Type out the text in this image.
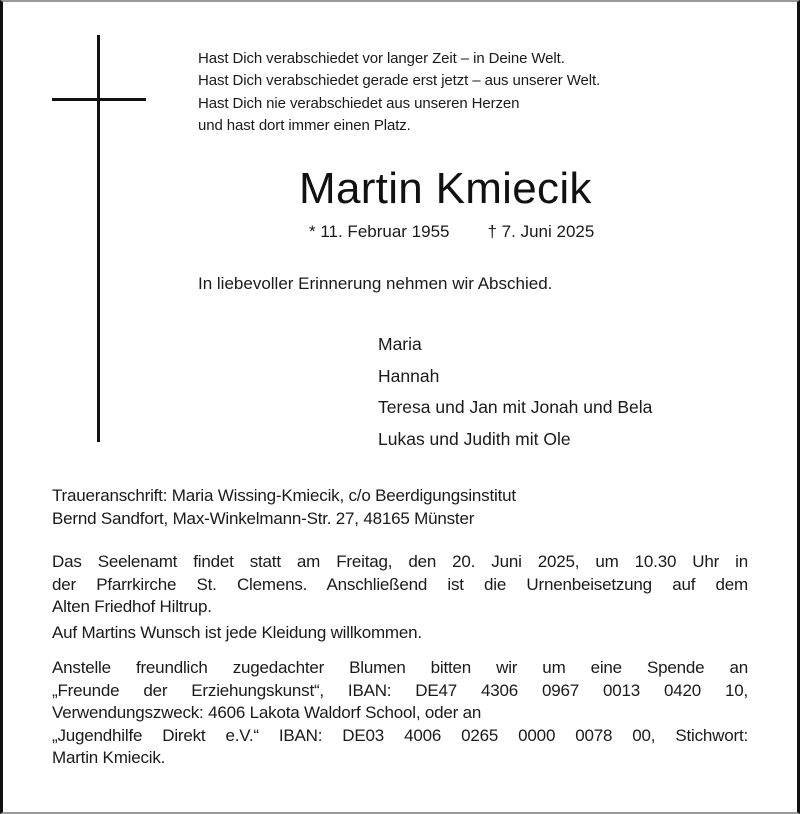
Hast Dich verabschiedet vor langer Zeit – in Deine Welt.
Hast Dich verabschiedet gerade erst jetzt – aus unserer Welt.
Hast Dich nie verabschiedet aus unseren Herzen
und hast dort immer einen Platz.
Martin Kmiecik
* 11. Februar 1955 † 7. Juni 2025
In liebevoller Erinnerung nehmen wir Abschied.
Maria
Hannah
Teresa und Jan mit Jonah und Bela
Lukas und Judith mit Ole
Traueranschrift: Maria Wissing-Kmiecik, c/o Beerdigungsinstitut
Bernd Sandfort, Max-Winkelmann-Str. 27, 48165 Münster
Das Seelenamt findet statt am Freitag, den 20. Juni 2025, um 10.30 Uhr in
der Pfarrkirche St. Clemens. Anschließend ist die Urnenbeisetzung auf dem
Alten Friedhof Hiltrup.
Auf Martins Wunsch ist jede Kleidung willkommen.
Anstelle freundlich zugedachter Blumen bitten wir um eine Spende an
„Freunde der Erziehungskunst“, IBAN: DE47 4306 0967 0013 0420 10,
Verwendungszweck: 4606 Lakota Waldorf School, oder an
„Jugendhilfe Direkt e.V.“ IBAN: DE03 4006 0265 0000 0078 00, Stichwort:
Martin Kmiecik.
